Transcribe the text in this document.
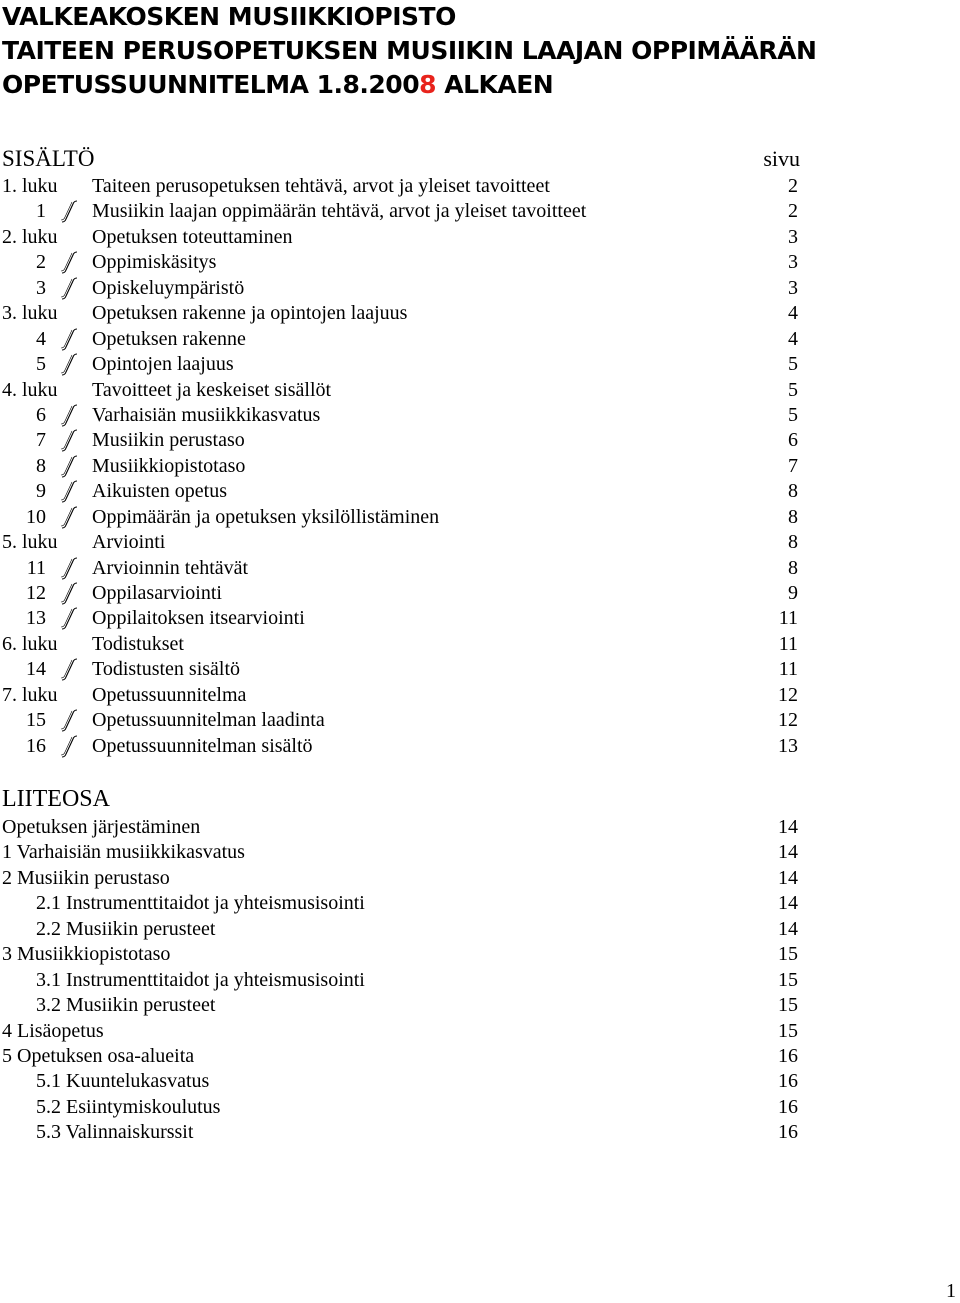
VALKEAKOSKEN MUSIIKKIOPISTO
TAITEEN PERUSOPETUKSEN MUSIIKIN LAAJAN OPPIMÄÄRÄN
OPETUSSUUNNITELMA 1.8.2008 ALKAEN
SISÄLTÖ	sivu
1. luku Taiteen perusopetuksen tehtävä, arvot ja yleiset tavoitteet	2
1 Musiikin laajan oppimäärän tehtävä, arvot ja yleiset tavoitteet	2
2. luku Opetuksen toteuttaminen	3
2 Oppimiskäsitys	3
3 Opiskeluympäristö	3
3. luku Opetuksen rakenne ja opintojen laajuus	4
4 Opetuksen rakenne	4
5 Opintojen laajuus	5
4. luku Tavoitteet ja keskeiset sisällöt	5
6 Varhaisiän musiikkikasvatus	5
7 Musiikin perustaso	6
8 Musiikkiopistotaso	7
9 Aikuisten opetus	8
10 Oppimäärän ja opetuksen yksilöllistäminen	8
5. luku Arviointi	8
11 Arvioinnin tehtävät	8
12 Oppilasarviointi	9
13 Oppilaitoksen itsearviointi	11
6. luku Todistukset	11
14 Todistusten sisältö	11
7. luku Opetussuunnitelma	12
15 Opetussuunnitelman laadinta	12
16 Opetussuunnitelman sisältö	13
LIITEOSA
Opetuksen järjestäminen	14
1 Varhaisiän musiikkikasvatus	14
2 Musiikin perustaso	14
2.1 Instrumenttitaidot ja yhteismusisointi	14
2.2 Musiikin perusteet	14
3 Musiikkiopistotaso	15
3.1 Instrumenttitaidot ja yhteismusisointi	15
3.2 Musiikin perusteet	15
4 Lisäopetus	15
5 Opetuksen osa-alueita	16
5.1 Kuuntelukasvatus	16
5.2 Esiintymiskoulutus	16
5.3 Valinnaiskurssit	16
1
